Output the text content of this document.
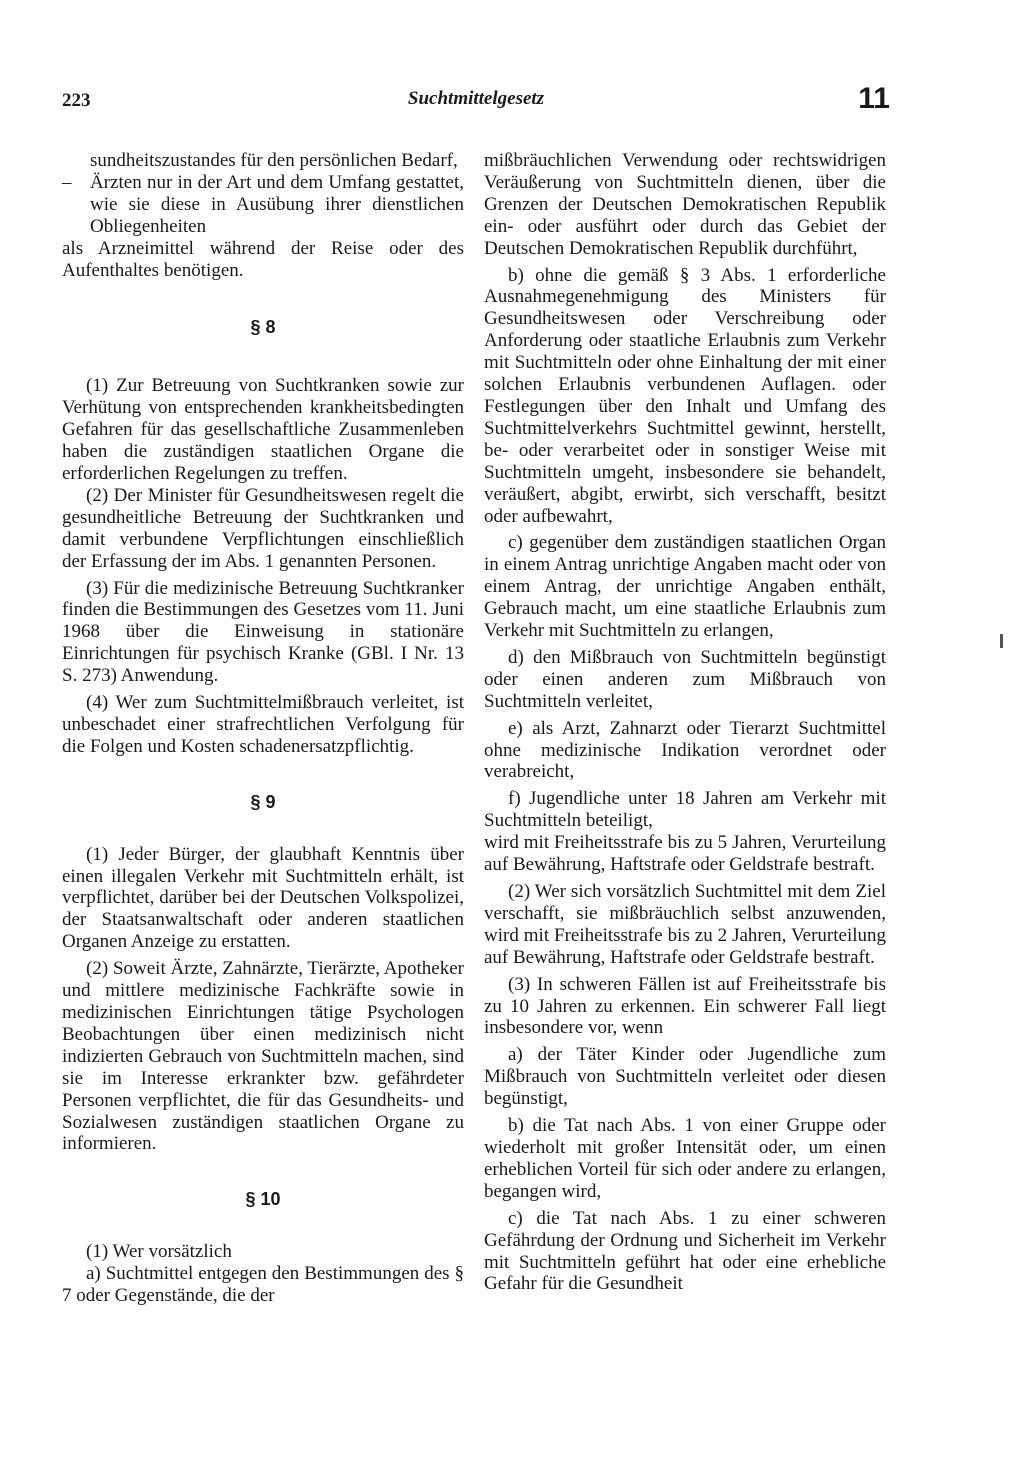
223	Suchtmittelgesetz	11
sundheitszustandes für den persönlichen Bedarf,
– Ärzten nur in der Art und dem Umfang gestattet, wie sie diese in Ausübung ihrer dienstlichen Obliegenheiten

als Arzneimittel während der Reise oder des Aufenthaltes benötigen.

§ 8

(1) Zur Betreuung von Suchtkranken sowie zur Verhütung von entsprechenden krankheitsbedingten Gefahren für das gesellschaftliche Zusammenleben haben die zuständigen staatlichen Organe die erforderlichen Regelungen zu treffen.

(2) Der Minister für Gesundheitswesen regelt die gesundheitliche Betreuung der Suchtkranken und damit verbundene Verpflichtungen einschließlich der Erfassung der im Abs. 1 genannten Personen.

(3) Für die medizinische Betreuung Suchtkranker finden die Bestimmungen des Gesetzes vom 11. Juni 1968 über die Einweisung in stationäre Einrichtungen für psychisch Kranke (GBl. I Nr. 13 S. 273) Anwendung.

(4) Wer zum Suchtmittelmißbrauch verleitet, ist unbeschadet einer strafrechtlichen Verfolgung für die Folgen und Kosten schadenersatzpflichtig.

§ 9

(1) Jeder Bürger, der glaubhaft Kenntnis über einen illegalen Verkehr mit Suchtmitteln erhält, ist verpflichtet, darüber bei der Deutschen Volkspolizei, der Staatsanwaltschaft oder anderen staatlichen Organen Anzeige zu erstatten.

(2) Soweit Ärzte, Zahnärzte, Tierärzte, Apotheker und mittlere medizinische Fachkräfte sowie in medizinischen Einrichtungen tätige Psychologen Beobachtungen über einen medizinisch nicht indizierten Gebrauch von Suchtmitteln machen, sind sie im Interesse erkrankter bzw. gefährdeter Personen verpflichtet, die für das Gesundheits- und Sozialwesen zuständigen staatlichen Organe zu informieren.

§ 10

(1) Wer vorsätzlich

a) Suchtmittel entgegen den Bestimmungen des § 7 oder Gegenstände, die der

mißbräuchlichen Verwendung oder rechtswidrigen Veräußerung von Suchtmitteln dienen, über die Grenzen der Deutschen Demokratischen Republik ein- oder ausführt oder durch das Gebiet der Deutschen Demokratischen Republik durchführt,

b) ohne die gemäß § 3 Abs. 1 erforderliche Ausnahmegenehmigung des Ministers für Gesundheitswesen oder Verschreibung oder Anforderung oder staatliche Erlaubnis zum Verkehr mit Suchtmitteln oder ohne Einhaltung der mit einer solchen Erlaubnis verbundenen Auflagen. oder Festlegungen über den Inhalt und Umfang des Suchtmittelverkehrs Suchtmittel gewinnt, herstellt, be- oder verarbeitet oder in sonstiger Weise mit Suchtmitteln umgeht, insbesondere sie behandelt, veräußert, abgibt, erwirbt, sich verschafft, besitzt oder aufbewahrt,

c) gegenüber dem zuständigen staatlichen Organ in einem Antrag unrichtige Angaben macht oder von einem Antrag, der unrichtige Angaben enthält, Gebrauch macht, um eine staatliche Erlaubnis zum Verkehr mit Suchtmitteln zu erlangen,

d) den Mißbrauch von Suchtmitteln begünstigt oder einen anderen zum Mißbrauch von Suchtmitteln verleitet,

e) als Arzt, Zahnarzt oder Tierarzt Suchtmittel ohne medizinische Indikation verordnet oder verabreicht,

f) Jugendliche unter 18 Jahren am Verkehr mit Suchtmitteln beteiligt,

wird mit Freiheitsstrafe bis zu 5 Jahren, Verurteilung auf Bewährung, Haftstrafe oder Geldstrafe bestraft.

(2) Wer sich vorsätzlich Suchtmittel mit dem Ziel verschafft, sie mißbräuchlich selbst anzuwenden, wird mit Freiheitsstrafe bis zu 2 Jahren, Verurteilung auf Bewährung, Haftstrafe oder Geldstrafe bestraft.

(3) In schweren Fällen ist auf Freiheitsstrafe bis zu 10 Jahren zu erkennen. Ein schwerer Fall liegt insbesondere vor, wenn

a) der Täter Kinder oder Jugendliche zum Mißbrauch von Suchtmitteln verleitet oder diesen begünstigt,

b) die Tat nach Abs. 1 von einer Gruppe oder wiederholt mit großer Intensität oder, um einen erheblichen Vorteil für sich oder andere zu erlangen, begangen wird,

c) die Tat nach Abs. 1 zu einer schweren Gefährdung der Ordnung und Sicherheit im Verkehr mit Suchtmitteln geführt hat oder eine erhebliche Gefahr für die Gesundheit
